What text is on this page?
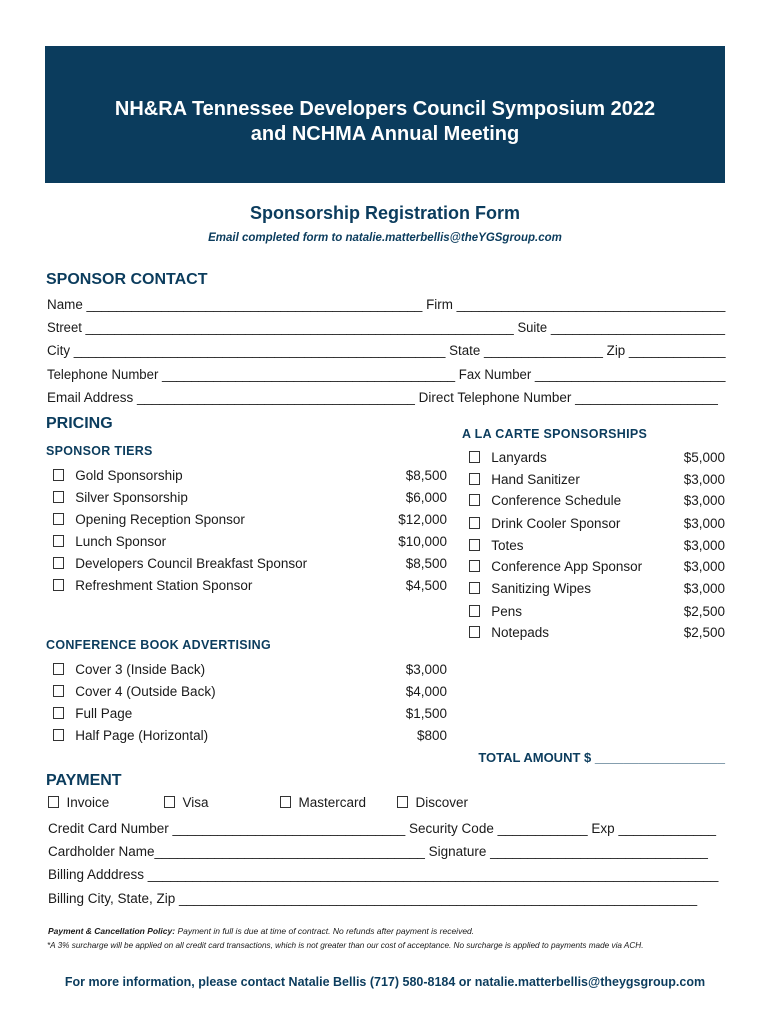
NH&RA Tennessee Developers Council Symposium 2022
and NCHMA Annual Meeting
Sponsorship Registration Form
Email completed form to natalie.matterbellis@theYGSgroup.com
SPONSOR CONTACT
Name _____________________________________________ Firm ____________________________________
Street ___________________________________________________________ Suite ________________________
City __________________________________________________ State ________________ Zip _____________
Telephone Number ________________________________________ Fax Number __________________________
Email Address _____________________________________ Direct Telephone Number ___________________
PRICING
SPONSOR TIERS
A LA CARTE SPONSORSHIPS
Gold Sponsorship	$8,500
Silver Sponsorship	$6,000
Opening Reception Sponsor	$12,000
Lunch Sponsor	$10,000
Developers Council Breakfast Sponsor	$8,500
Refreshment Station Sponsor	$4,500
Lanyards	$5,000
Hand Sanitizer	$3,000
Conference Schedule	$3,000
Drink Cooler Sponsor	$3,000
Totes	$3,000
Conference App Sponsor	$3,000
Sanitizing Wipes	$3,000
Pens	$2,500
Notepads	$2,500
CONFERENCE BOOK ADVERTISING
Cover 3 (Inside Back)	$3,000
Cover 4 (Outside Back)	$4,000
Full Page	$1,500
Half Page (Horizontal)	$800
TOTAL AMOUNT $ __________________
PAYMENT
Invoice	Visa	Mastercard	Discover
Credit Card Number _______________________________ Security Code ____________ Exp _____________
Cardholder Name____________________________________ Signature _____________________________
Billing Adddress ____________________________________________________________________________
Billing City, State, Zip _____________________________________________________________________
Payment & Cancellation Policy: Payment in full is due at time of contract. No refunds after payment is received.
*A 3% surcharge will be applied on all credit card transactions, which is not greater than our cost of acceptance. No surcharge is applied to payments made via ACH.
For more information, please contact Natalie Bellis (717) 580-8184 or natalie.matterbellis@theygsgroup.com
